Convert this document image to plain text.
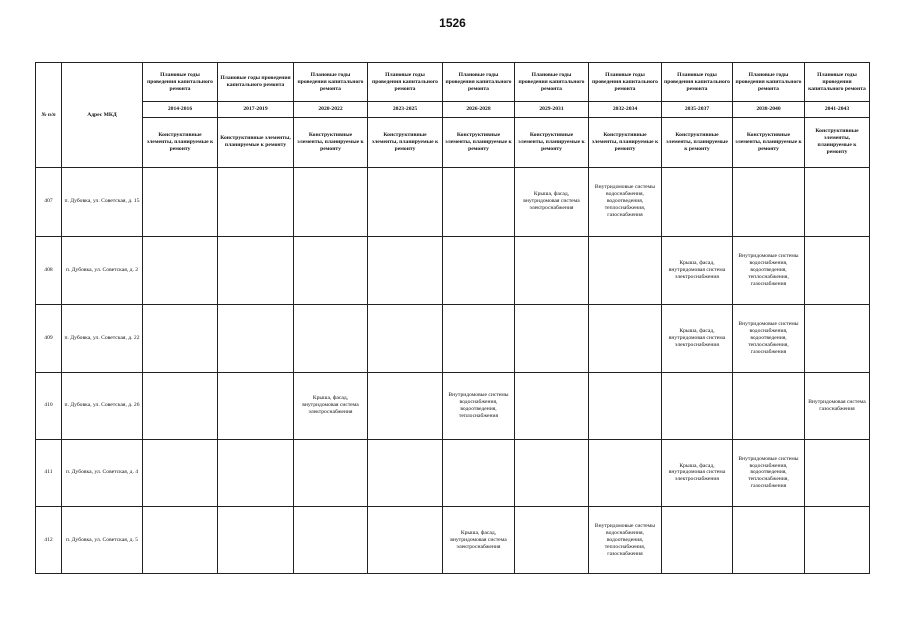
1526
№ п/п	Адрес МКД	Плановые годы проведения капитального ремонта	Плановые годы проведения капитального ремонта	Плановые годы проведения капитального ремонта	Плановые годы проведения капитального ремонта	Плановые годы проведения капитального ремонта	Плановые годы проведения капитального ремонта	Плановые годы проведения капитального ремонта	Плановые годы проведения капитального ремонта	Плановые годы проведения капитального ремонта	Плановые годы проведения капитального ремонта
		2014-2016	2017-2019	2020-2022	2023-2025	2026-2028	2029-2031	2032-2034	2035-2037	2038-2040	2041-2043
		Конструктивные элементы, планируемые к ремонту	Конструктивные элементы, планируемые к ремонту	Конструктивные элементы, планируемые к ремонту	Конструктивные элементы, планируемые к ремонту	Конструктивные элементы, планируемые к ремонту	Конструктивные элементы, планируемые к ремонту	Конструктивные элементы, планируемые к ремонту	Конструктивные элементы, планируемые к ремонту	Конструктивные элементы, планируемые к ремонту	Конструктивные элементы, планируемые к ремонту
407	п. Дубовка, ул. Советская, д. 15						Крыша, фасад, внутридомовая система электроснабжения	Внутридомовые системы водоснабжения, водоотведения, теплоснабжения, газоснабжения			
408	п. Дубовка, ул. Советская, д. 2								Крыша, фасад, внутридомовая система электроснабжения	Внутридомовые системы водоснабжения, водоотведения, теплоснабжения, газоснабжения	
409	п. Дубовка, ул. Советская, д. 22								Крыша, фасад, внутридомовая система электроснабжения	Внутридомовые системы водоснабжения, водоотведения, теплоснабжения, газоснабжения	
410	п. Дубовка, ул. Советская, д. 26			Крыша, фасад, внутридомовая система электроснабжения		Внутридомовые системы водоснабжения, водоотведения, теплоснабжения					Внутридомовая система газоснабжения
411	п. Дубовка, ул. Советская, д. 4								Крыша, фасад, внутридомовая система электроснабжения	Внутридомовые системы водоснабжения, водоотведения, теплоснабжения, газоснабжения	
412	п. Дубовка, ул. Советская, д. 5					Крыша, фасад, внутридомовая система электроснабжения		Внутридомовые системы водоснабжения, водоотведения, теплоснабжения, газоснабжения			
